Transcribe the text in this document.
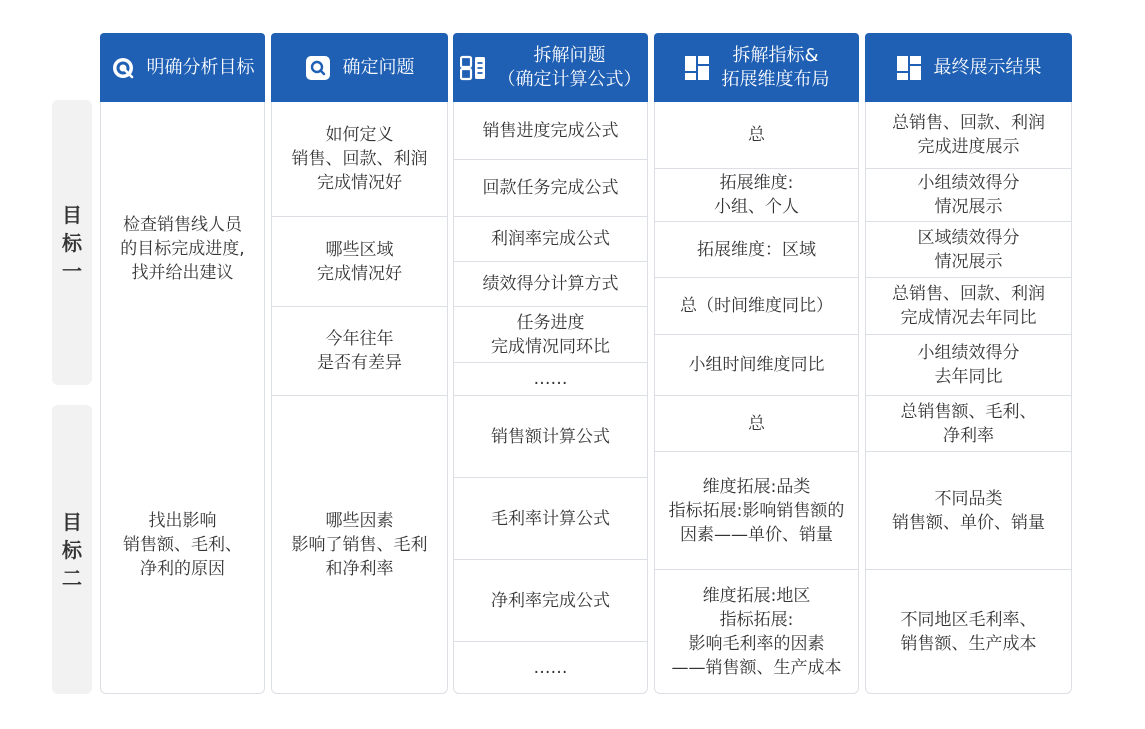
目标一
目标二
明确分析目标	确定问题
拆解问题
（确定计算公式）
拆解指标&
拓展维度布局
最终展示结果
检查销售线人员
的目标完成进度,
找并给出建议
找出影响
销售额、毛利、
净利的原因
如何定义
销售、回款、利润
完成情况好
哪些区域
完成情况好
今年往年
是否有差异
哪些因素
影响了销售、毛利
和净利率
销售进度完成公式
回款任务完成公式
利润率完成公式
绩效得分计算方式
任务进度
完成情况同环比
……
销售额计算公式
毛利率计算公式
净利率完成公式
……
总
拓展维度:
小组、个人
拓展维度：区域
总（时间维度同比）
小组时间维度同比
总
维度拓展:品类
指标拓展:影响销售额的
因素——单价、销量
维度拓展:地区
指标拓展:
影响毛利率的因素
——销售额、生产成本
总销售、回款、利润
完成进度展示
小组绩效得分
情况展示
区域绩效得分
情况展示
总销售、回款、利润
完成情况去年同比
小组绩效得分
去年同比
总销售额、毛利、
净利率
不同品类
销售额、单价、销量
不同地区毛利率、
销售额、生产成本
